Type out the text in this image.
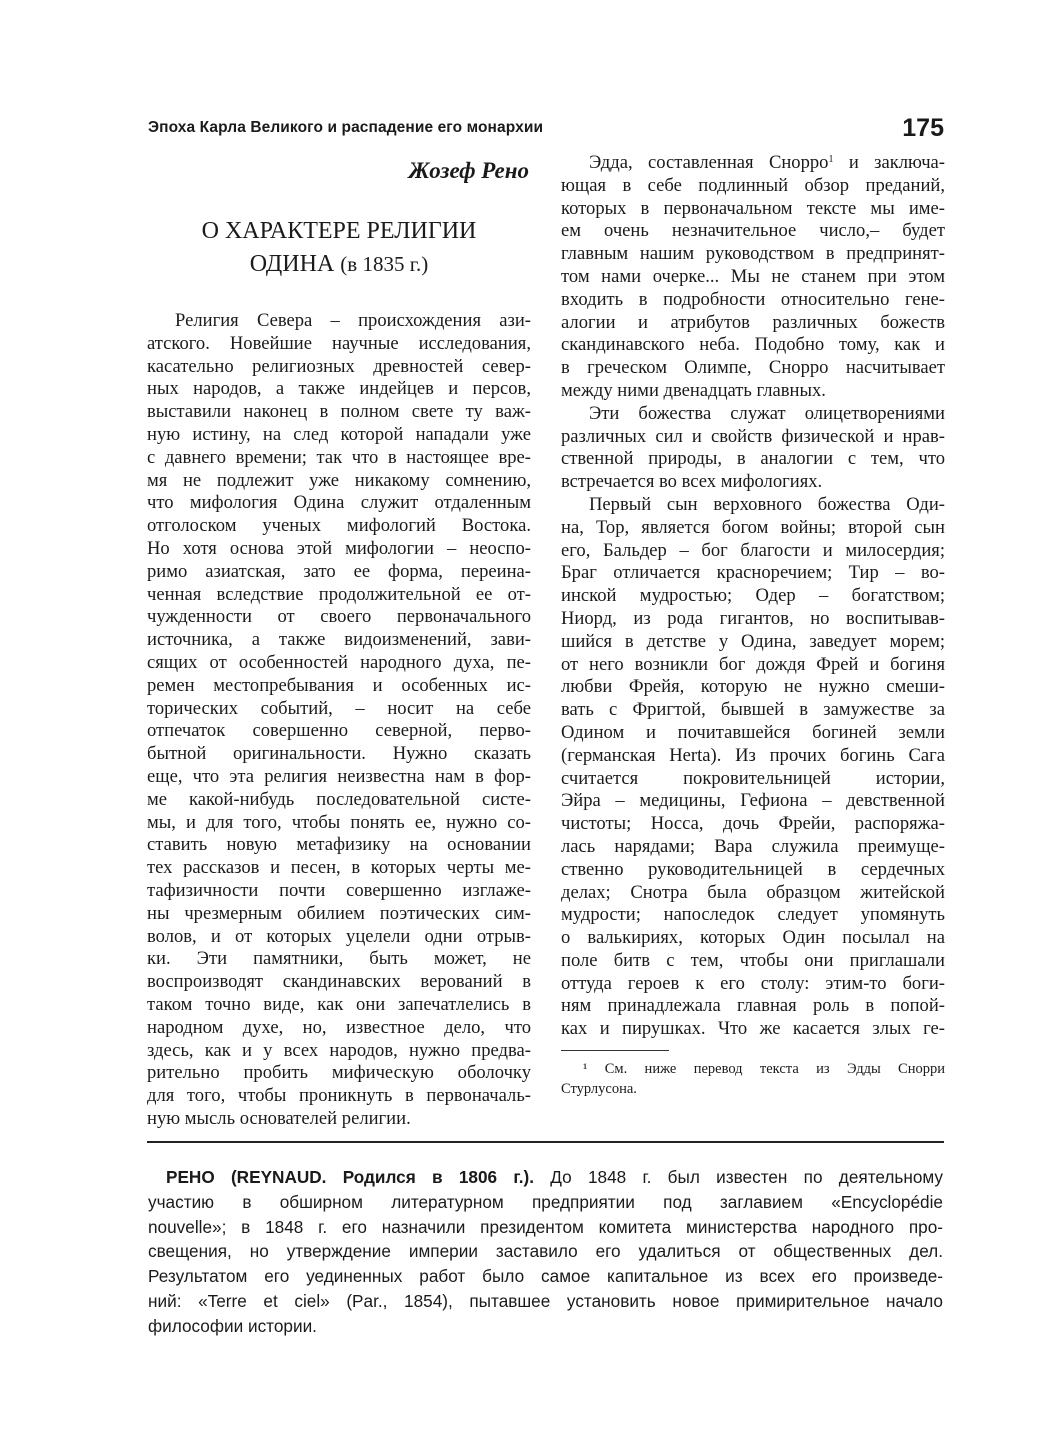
Эпоха Карла Великого и распадение его монархии	175
Жозеф Рено
О ХАРАКТЕРЕ РЕЛИГИИ
ОДИНА (в 1835 г.)

Религия Севера – происхождения ази-
атского. Новейшие научные исследования,
касательно религиозных древностей север-
ных народов, а также индейцев и персов,
выставили наконец в полном свете ту важ-
ную истину, на след которой нападали уже
с давнего времени; так что в настоящее вре-
мя не подлежит уже никакому сомнению,
что мифология Одина служит отдаленным
отголоском ученых мифологий Востока.
Но хотя основа этой мифологии – неоспо-
римо азиатская, зато ее форма, переина-
ченная вследствие продолжительной ее от-
чужденности от своего первоначального
источника, а также видоизменений, зави-
сящих от особенностей народного духа, пе-
ремен местопребывания и особенных ис-
торических событий, – носит на себе
отпечаток совершенно северной, перво-
бытной оригинальности. Нужно сказать
еще, что эта религия неизвестна нам в фор-
ме какой-нибудь последовательной систе-
мы, и для того, чтобы понять ее, нужно со-
ставить новую метафизику на основании
тех рассказов и песен, в которых черты ме-
тафизичности почти совершенно изглаже-
ны чрезмерным обилием поэтических сим-
волов, и от которых уцелели одни отрыв-
ки. Эти памятники, быть может, не
воспроизводят скандинавских верований в
таком точно виде, как они запечатлелись в
народном духе, но, известное дело, что
здесь, как и у всех народов, нужно предва-
рительно пробить мифическую оболочку
для того, чтобы проникнуть в первоначаль-
ную мысль основателей религии.

Эдда, составленная Снорро$^1$ и заключа-
ющая в себе подлинный обзор преданий,
которых в первоначальном тексте мы име-
ем очень незначительное число,– будет
главным нашим руководством в предпринят-
том нами очерке... Мы не станем при этом
входить в подробности относительно гене-
алогии и атрибутов различных божеств
скандинавского неба. Подобно тому, как и
в греческом Олимпе, Снорро насчитывает
между ними двенадцать главных.

Эти божества служат олицетворениями
различных сил и свойств физической и нрав-
ственной природы, в аналогии с тем, что
встречается во всех мифологиях.

Первый сын верховного божества Оди-
на, Тор, является богом войны; второй сын
его, Бальдер – бог благости и милосердия;
Браг отличается красноречием; Тир – во-
инской мудростью; Одер – богатством;
Ниорд, из рода гигантов, но воспитывав-
шийся в детстве у Одина, заведует морем;
от него возникли бог дождя Фрей и богиня
любви Фрейя, которую не нужно смеши-
вать с Фригтой, бывшей в замужестве за
Одином и почитавшейся богиней земли
(германская Herta). Из прочих богинь Сага
считается покровительницей истории,
Эйра – медицины, Гефиона – девственной
чистоты; Носса, дочь Фрейи, распоряжа-
лась нарядами; Вара служила преимуще-
ственно руководительницей в сердечных
делах; Снотра была образцом житейской
мудрости; напоследок следует упомянуть
о валькириях, которых Один посылал на
поле битв с тем, чтобы они приглашали
оттуда героев к его столу: этим-то боги-
ням принадлежала главная роль в попой-
ках и пирушках. Что же касается злых ге-

¹ См. ниже перевод текста из Эдды Снорри
Стурлусона.
РЕНО (REYNAUD. Родился в 1806 г.). До 1848 г. был известен по деятельному
участию в обширном литературном предприятии под заглавием «Encyclopédie
nouvelle»; в 1848 г. его назначили президентом комитета министерства народного про-
свещения, но утверждение империи заставило его удалиться от общественных дел.
Результатом его уединенных работ было самое капитальное из всех его произведе-
ний: «Terre et ciel» (Par., 1854), пытавшее установить новое примирительное начало
философии истории.
